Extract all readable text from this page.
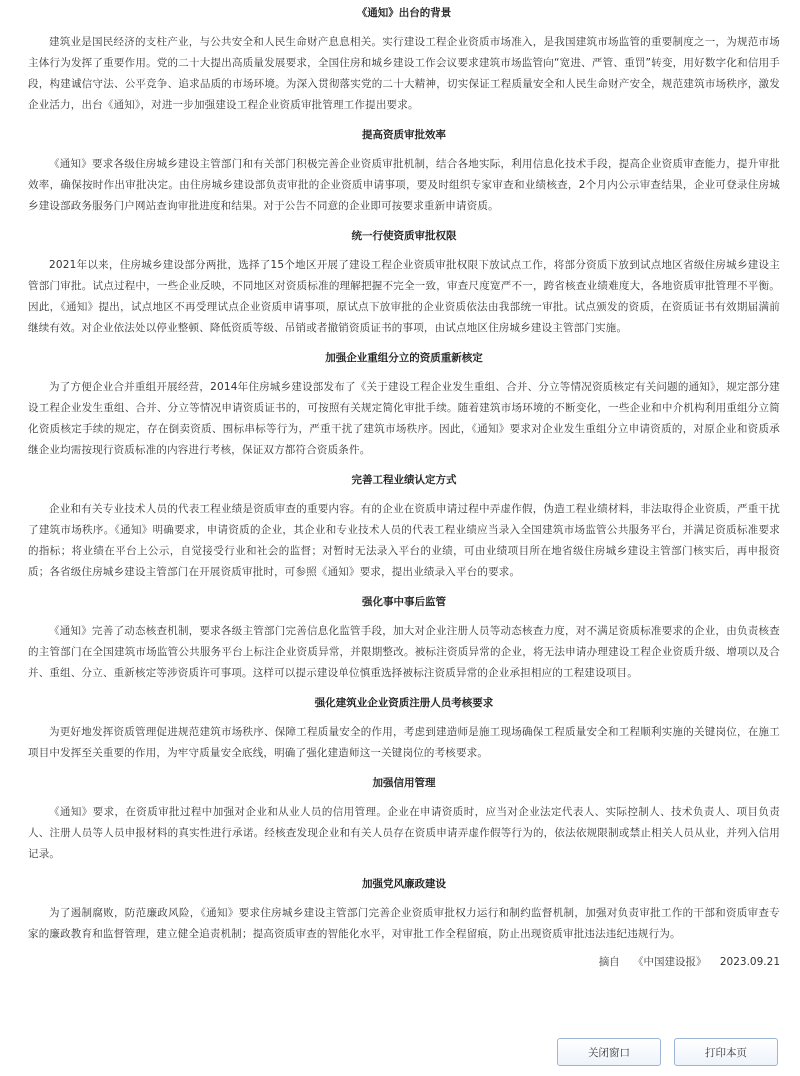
《通知》出台的背景

建筑业是国民经济的支柱产业，与公共安全和人民生命财产息息相关。实行建设工程企业资质市场准入，是我国建筑市场监管的重要制度之一，为规范市场主体行为发挥了重要作用。党的二十大提出高质量发展要求，全国住房和城乡建设工作会议要求建筑市场监管向“宽进、严管、重罚”转变，用好数字化和信用手段，构建诚信守法、公平竞争、追求品质的市场环境。为深入贯彻落实党的二十大精神，切实保证工程质量安全和人民生命财产安全，规范建筑市场秩序，激发企业活力，出台《通知》，对进一步加强建设工程企业资质审批管理工作提出要求。

提高资质审批效率

《通知》要求各级住房城乡建设主管部门和有关部门积极完善企业资质审批机制，结合各地实际，利用信息化技术手段，提高企业资质审查能力，提升审批效率，确保按时作出审批决定。由住房城乡建设部负责审批的企业资质申请事项，要及时组织专家审查和业绩核查，2个月内公示审查结果，企业可登录住房城乡建设部政务服务门户网站查询审批进度和结果。对于公告不同意的企业即可按要求重新申请资质。

统一行使资质审批权限

2021年以来，住房城乡建设部分两批，选择了15个地区开展了建设工程企业资质审批权限下放试点工作，将部分资质下放到试点地区省级住房城乡建设主管部门审批。试点过程中，一些企业反映，不同地区对资质标准的理解把握不完全一致，审查尺度宽严不一，跨省核查业绩难度大，各地资质审批管理不平衡。因此，《通知》提出，试点地区不再受理试点企业资质申请事项，原试点下放审批的企业资质依法由我部统一审批。试点颁发的资质，在资质证书有效期届满前继续有效。对企业依法处以停业整顿、降低资质等级、吊销或者撤销资质证书的事项，由试点地区住房城乡建设主管部门实施。

加强企业重组分立的资质重新核定

为了方便企业合并重组开展经营，2014年住房城乡建设部发布了《关于建设工程企业发生重组、合并、分立等情况资质核定有关问题的通知》，规定部分建设工程企业发生重组、合并、分立等情况申请资质证书的，可按照有关规定简化审批手续。随着建筑市场环境的不断变化，一些企业和中介机构利用重组分立简化资质核定手续的规定，存在倒卖资质、围标串标等行为，严重干扰了建筑市场秩序。因此，《通知》要求对企业发生重组分立申请资质的，对原企业和资质承继企业均需按现行资质标准的内容进行考核，保证双方都符合资质条件。

完善工程业绩认定方式

企业和有关专业技术人员的代表工程业绩是资质审查的重要内容。有的企业在资质申请过程中弄虚作假，伪造工程业绩材料，非法取得企业资质，严重干扰了建筑市场秩序。《通知》明确要求，申请资质的企业，其企业和专业技术人员的代表工程业绩应当录入全国建筑市场监管公共服务平台，并满足资质标准要求的指标；将业绩在平台上公示，自觉接受行业和社会的监督；对暂时无法录入平台的业绩，可由业绩项目所在地省级住房城乡建设主管部门核实后，再申报资质；各省级住房城乡建设主管部门在开展资质审批时，可参照《通知》要求，提出业绩录入平台的要求。

强化事中事后监管

《通知》完善了动态核查机制，要求各级主管部门完善信息化监管手段，加大对企业注册人员等动态核查力度，对不满足资质标准要求的企业，由负责核查的主管部门在全国建筑市场监管公共服务平台上标注企业资质异常，并限期整改。被标注资质异常的企业，将无法申请办理建设工程企业资质升级、增项以及合并、重组、分立、重新核定等涉资质许可事项。这样可以提示建设单位慎重选择被标注资质异常的企业承担相应的工程建设项目。

强化建筑业企业资质注册人员考核要求

为更好地发挥资质管理促进规范建筑市场秩序、保障工程质量安全的作用，考虑到建造师是施工现场确保工程质量安全和工程顺利实施的关键岗位，在施工项目中发挥至关重要的作用，为牢守质量安全底线，明确了强化建造师这一关键岗位的考核要求。

加强信用管理

《通知》要求，在资质审批过程中加强对企业和从业人员的信用管理。企业在申请资质时，应当对企业法定代表人、实际控制人、技术负责人、项目负责人、注册人员等人员申报材料的真实性进行承诺。经核查发现企业和有关人员存在资质申请弄虚作假等行为的，依法依规限制或禁止相关人员从业，并列入信用记录。

加强党风廉政建设

为了遏制腐败，防范廉政风险，《通知》要求住房城乡建设主管部门完善企业资质审批权力运行和制约监督机制，加强对负责审批工作的干部和资质审查专家的廉政教育和监督管理，建立健全追责机制；提高资质审查的智能化水平，对审批工作全程留痕，防止出现资质审批违法违纪违规行为。

摘自 《中国建设报》 2023.09.21

关闭窗口	打印本页
